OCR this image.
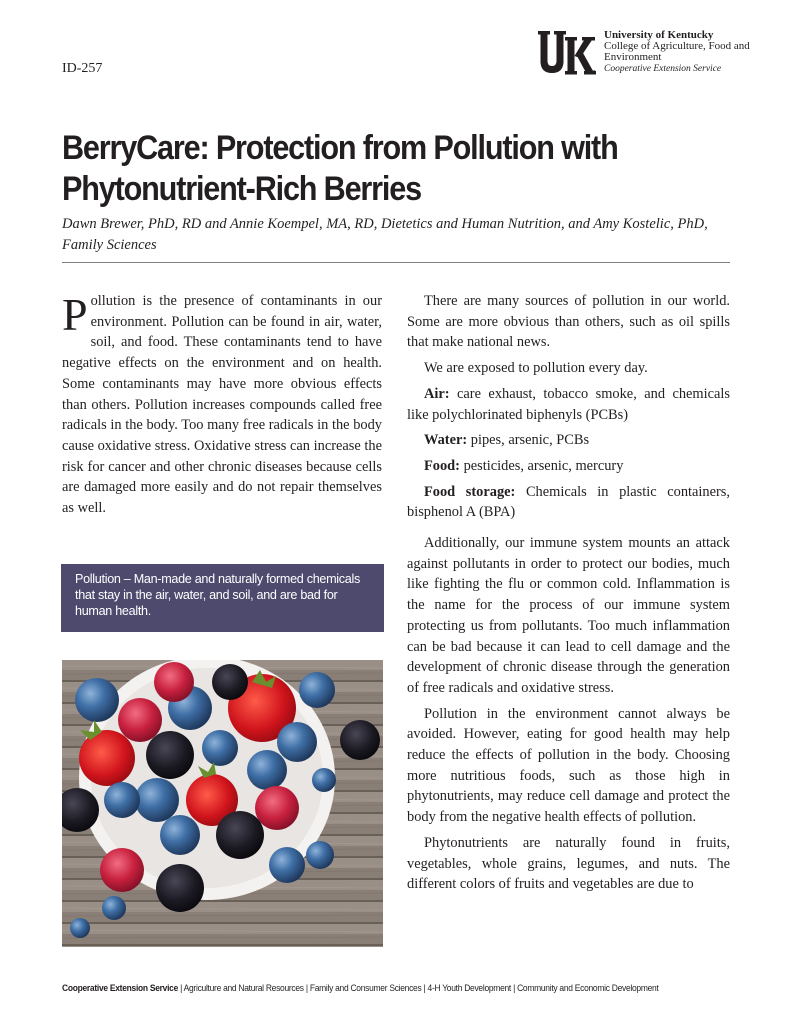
ID-257
University of Kentucky
College of Agriculture, Food and Environment
Cooperative Extension Service
BerryCare: Protection from Pollution with Phytonutrient-Rich Berries
Dawn Brewer, PhD, RD and Annie Koempel, MA, RD, Dietetics and Human Nutrition, and Amy Kostelic, PhD, Family Sciences

Pollution is the presence of contaminants in our environment. Pollution can be found in air, water, soil, and food. These contaminants tend to have negative effects on the environment and on health. Some contaminants may have more obvious effects than others. Pollution increases compounds called free radicals in the body. Too many free radicals in the body cause oxidative stress. Oxidative stress can increase the risk for cancer and other chronic diseases because cells are damaged more easily and do not repair themselves as well.

Pollution – Man-made and naturally formed chemicals that stay in the air, water, and soil, and are bad for human health.

There are many sources of pollution in our world. Some are more obvious than others, such as oil spills that make national news.

We are exposed to pollution every day.

Air: care exhaust, tobacco smoke, and chemicals like polychlorinated biphenyls (PCBs)

Water: pipes, arsenic, PCBs

Food: pesticides, arsenic, mercury

Food storage: Chemicals in plastic containers, bisphenol A (BPA)

Additionally, our immune system mounts an attack against pollutants in order to protect our bodies, much like fighting the flu or common cold. Inflammation is the name for the process of our immune system protecting us from pollutants. Too much inflammation can be bad because it can lead to cell damage and the development of chronic disease through the generation of free radicals and oxidative stress.

Pollution in the environment cannot always be avoided. However, eating for good health may help reduce the effects of pollution in the body. Choosing more nutritious foods, such as those high in phytonutrients, may reduce cell damage and protect the body from the negative health effects of pollution.

Phytonutrients are naturally found in fruits, vegetables, whole grains, legumes, and nuts. The different colors of fruits and vegetables are due to

Cooperative Extension Service | Agriculture and Natural Resources | Family and Consumer Sciences | 4-H Youth Development | Community and Economic Development
